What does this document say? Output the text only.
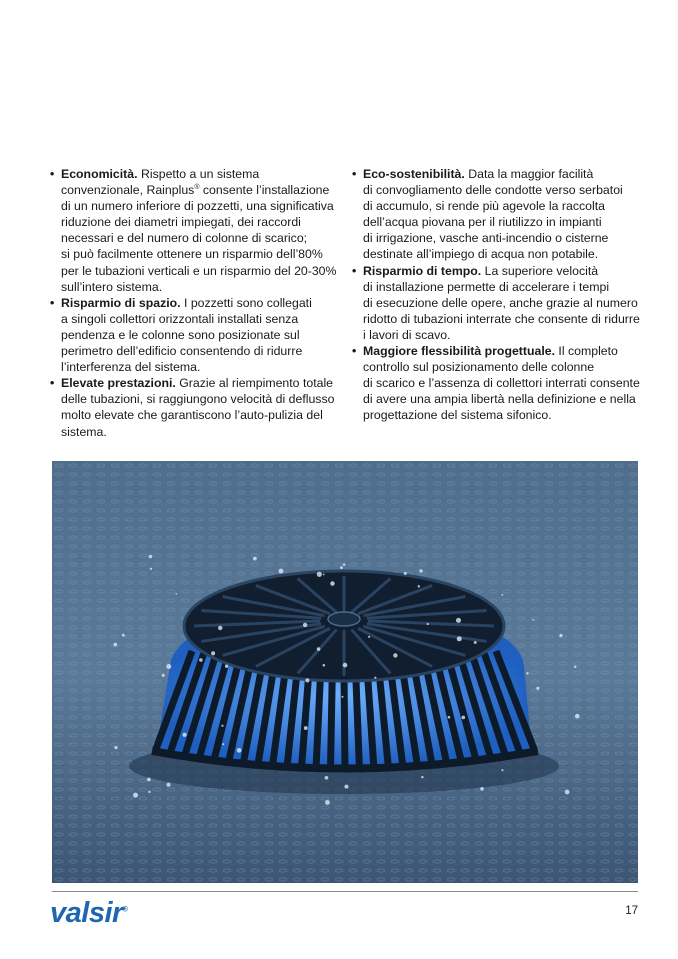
• Economicità. Rispetto a un sistema

convenzionale, Rainplus® consente l’installazione

di un numero inferiore di pozzetti, una significativa

riduzione dei diametri impiegati, dei raccordi

necessari e del numero di colonne di scarico;

si può facilmente ottenere un risparmio dell’80%

per le tubazioni verticali e un risparmio del 20-30%

sull’intero sistema.

• Risparmio di spazio. I pozzetti sono collegati

a singoli collettori orizzontali installati senza

pendenza e le colonne sono posizionate sul

perimetro dell’edificio consentendo di ridurre

l’interferenza del sistema.

• Elevate prestazioni. Grazie al riempimento totale

delle tubazioni, si raggiungono velocità di deflusso

molto elevate che garantiscono l’auto-pulizia del

sistema.

• Eco-sostenibilità. Data la maggior facilità

di convogliamento delle condotte verso serbatoi

di accumulo, si rende più agevole la raccolta

dell’acqua piovana per il riutilizzo in impianti

di irrigazione, vasche anti-incendio o cisterne

destinate all’impiego di acqua non potabile.

• Risparmio di tempo. La superiore velocità

di installazione permette di accelerare i tempi

di esecuzione delle opere, anche grazie al numero

ridotto di tubazioni interrate che consente di ridurre

i lavori di scavo.

• Maggiore flessibilità progettuale. Il completo

controllo sul posizionamento delle colonne

di scarico e l’assenza di collettori interrati consente

di avere una ampia libertà nella definizione e nella

progettazione del sistema sifonico.

valsir®	17
